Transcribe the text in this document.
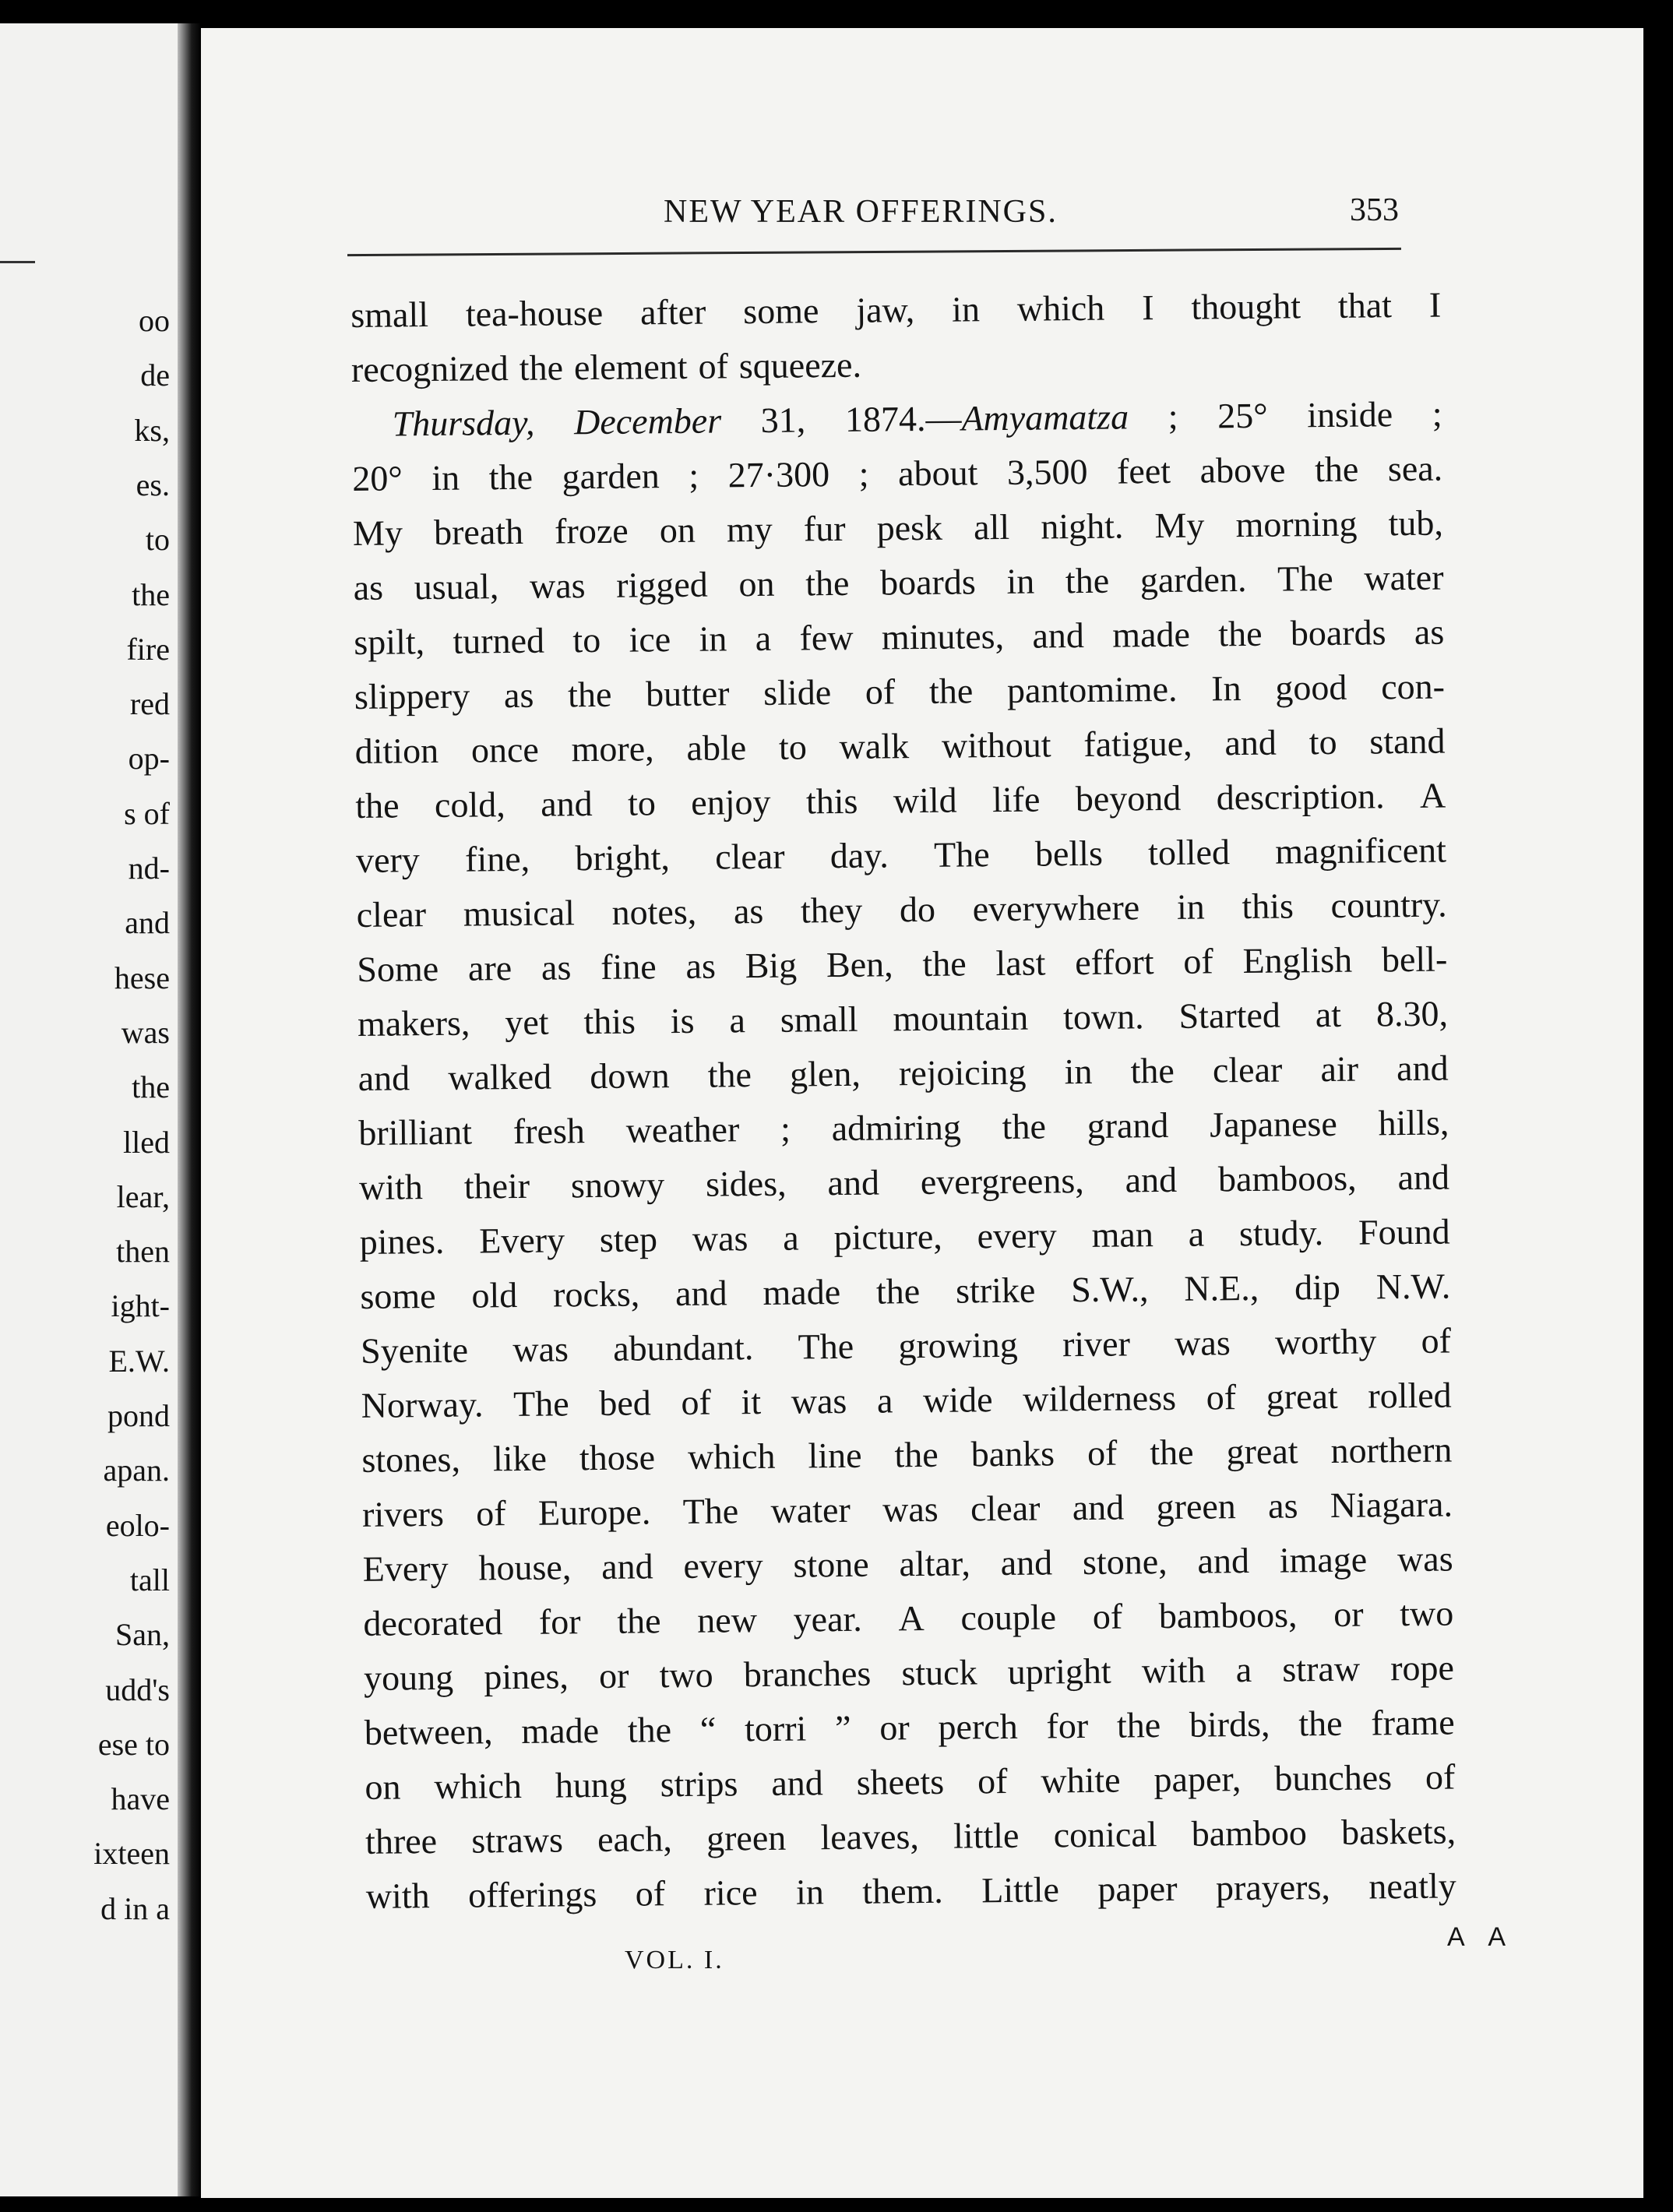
oo
de
ks,
es.
to
the
fire
red
op-
s of
nd-
and
hese
was
the
lled
lear,
then
ight-
E.W.
pond
apan.
eolo-
tall
San,
udd's
ese to
have
ixteen
d in a
NEW YEAR OFFERINGS.	353
small tea-house after some jaw, in which I thought that I
recognized the element of squeeze.
Thursday, December 31, 1874.—Amyamatza ; 25° inside ;
20° in the garden ; 27·300 ; about 3,500 feet above the sea.
My breath froze on my fur pesk all night. My morning tub,
as usual, was rigged on the boards in the garden. The water
spilt, turned to ice in a few minutes, and made the boards as
slippery as the butter slide of the pantomime. In good con-
dition once more, able to walk without fatigue, and to stand
the cold, and to enjoy this wild life beyond description. A
very fine, bright, clear day. The bells tolled magnificent
clear musical notes, as they do everywhere in this country.
Some are as fine as Big Ben, the last effort of English bell-
makers, yet this is a small mountain town. Started at 8.30,
and walked down the glen, rejoicing in the clear air and
brilliant fresh weather ; admiring the grand Japanese hills,
with their snowy sides, and evergreens, and bamboos, and
pines. Every step was a picture, every man a study. Found
some old rocks, and made the strike S.W., N.E., dip N.W.
Syenite was abundant. The growing river was worthy of
Norway. The bed of it was a wide wilderness of great rolled
stones, like those which line the banks of the great northern
rivers of Europe. The water was clear and green as Niagara.
Every house, and every stone altar, and stone, and image was
decorated for the new year. A couple of bamboos, or two
young pines, or two branches stuck upright with a straw rope
between, made the “ torri ” or perch for the birds, the frame
on which hung strips and sheets of white paper, bunches of
three straws each, green leaves, little conical bamboo baskets,
with offerings of rice in them. Little paper prayers, neatly
VOL. I.
A A
